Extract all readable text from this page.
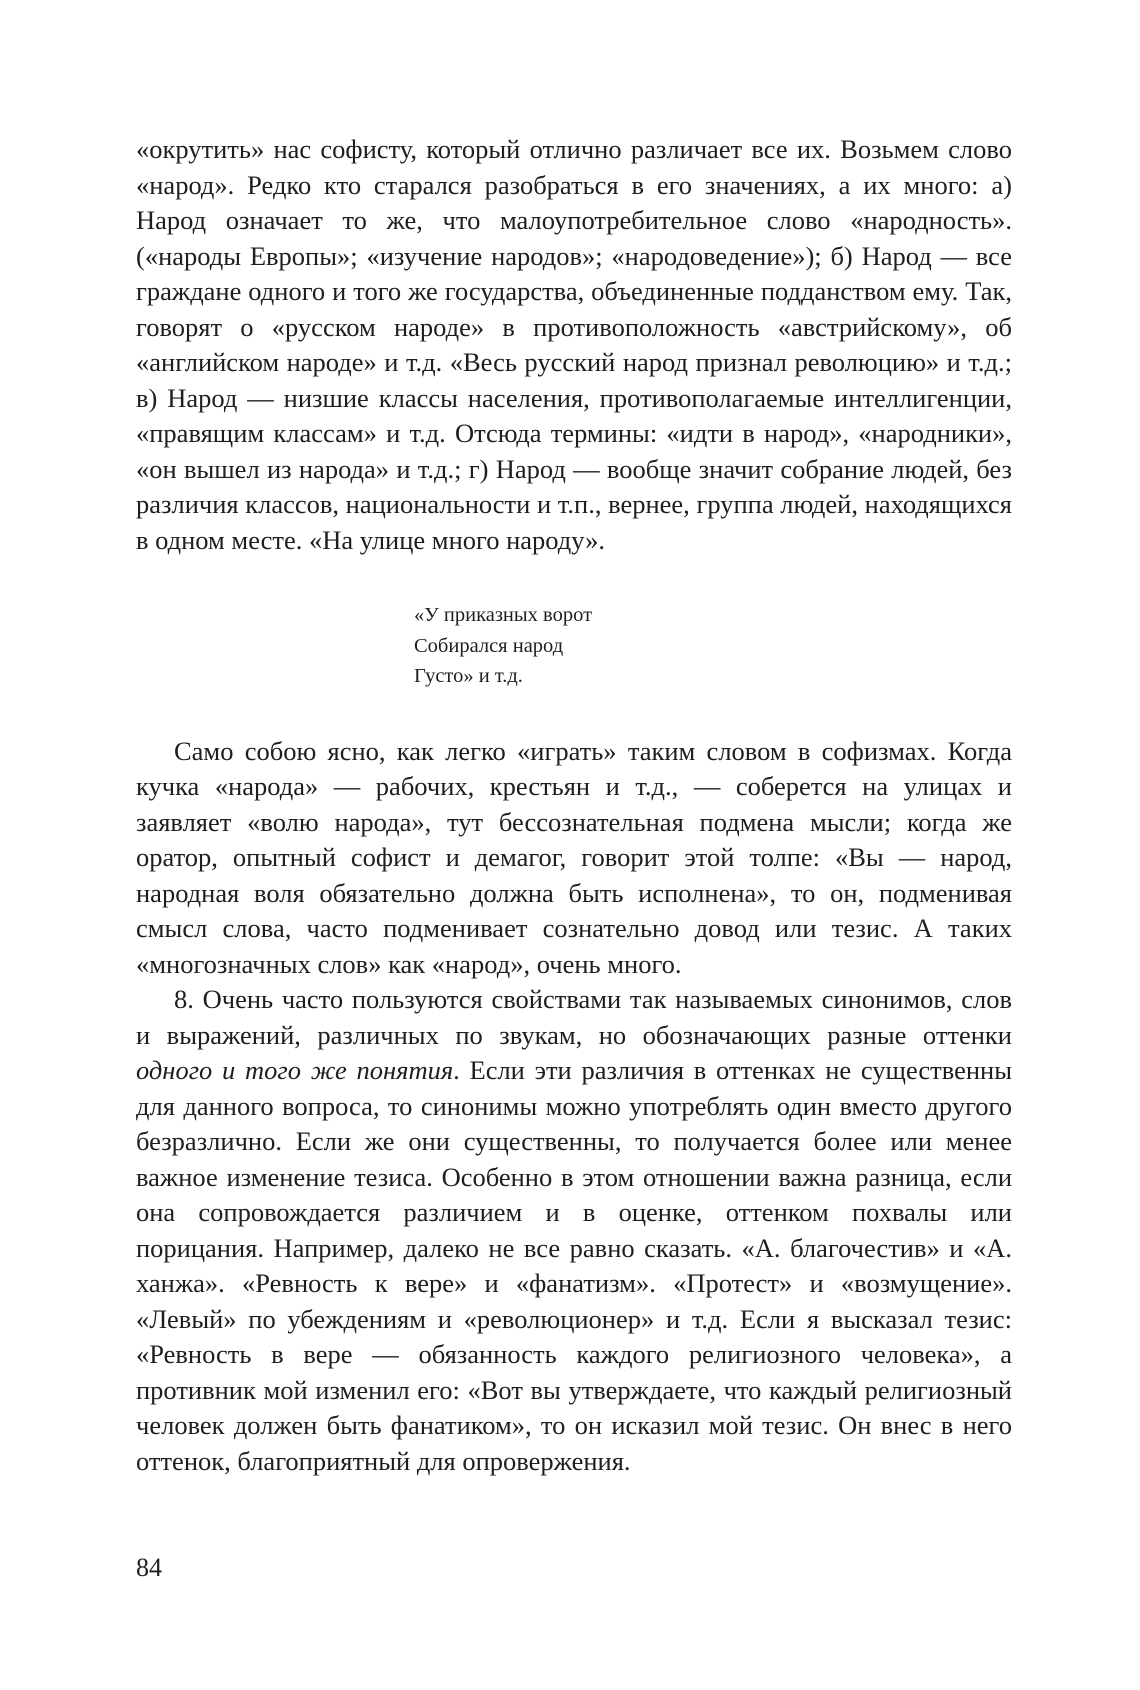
«окрутить» нас софисту, который отлично различает все их. Возьмем слово «народ». Редко кто старался разобраться в его значениях, а их много: а) Народ означает то же, что малоупотребительное слово «народность». («народы Европы»; «изучение народов»; «народоведение»); б) Народ — все граждане одного и того же государства, объединенные подданством ему. Так, говорят о «русском народе» в противоположность «австрийскому», об «английском народе» и т.д. «Весь русский народ признал революцию» и т.д.; в) Народ — низшие классы населения, противополагаемые интеллигенции, «правящим классам» и т.д. Отсюда термины: «идти в народ», «народники», «он вышел из народа» и т.д.; г) Народ — вообще значит собрание людей, без различия классов, национальности и т.п., вернее, группа людей, находящихся в одном месте. «На улице много народу».

«У приказных ворот
Собирался народ
Густо» и т.д.

Само собою ясно, как легко «играть» таким словом в софизмах. Когда кучка «народа» — рабочих, крестьян и т.д., — соберется на улицах и заявляет «волю народа», тут бессознательная подмена мысли; когда же оратор, опытный софист и демагог, говорит этой толпе: «Вы — народ, народная воля обязательно должна быть исполнена», то он, подменивая смысл слова, часто подменивает сознательно довод или тезис. А таких «многозначных слов» как «народ», очень много.

8. Очень часто пользуются свойствами так называемых синонимов, слов и выражений, различных по звукам, но обозначающих разные оттенки одного и того же понятия. Если эти различия в оттенках не существенны для данного вопроса, то синонимы можно употреблять один вместо другого безразлично. Если же они существенны, то получается более или менее важное изменение тезиса. Особенно в этом отношении важна разница, если она сопровождается различием и в оценке, оттенком похвалы или порицания. Например, далеко не все равно сказать. «А. благочестив» и «А. ханжа». «Ревность к вере» и «фанатизм». «Протест» и «возмущение». «Левый» по убеждениям и «революционер» и т.д. Если я высказал тезис: «Ревность в вере — обязанность каждого религиозного человека», а противник мой изменил его: «Вот вы утверждаете, что каждый религиозный человек должен быть фанатиком», то он исказил мой тезис. Он внес в него оттенок, благоприятный для опровержения.

84
